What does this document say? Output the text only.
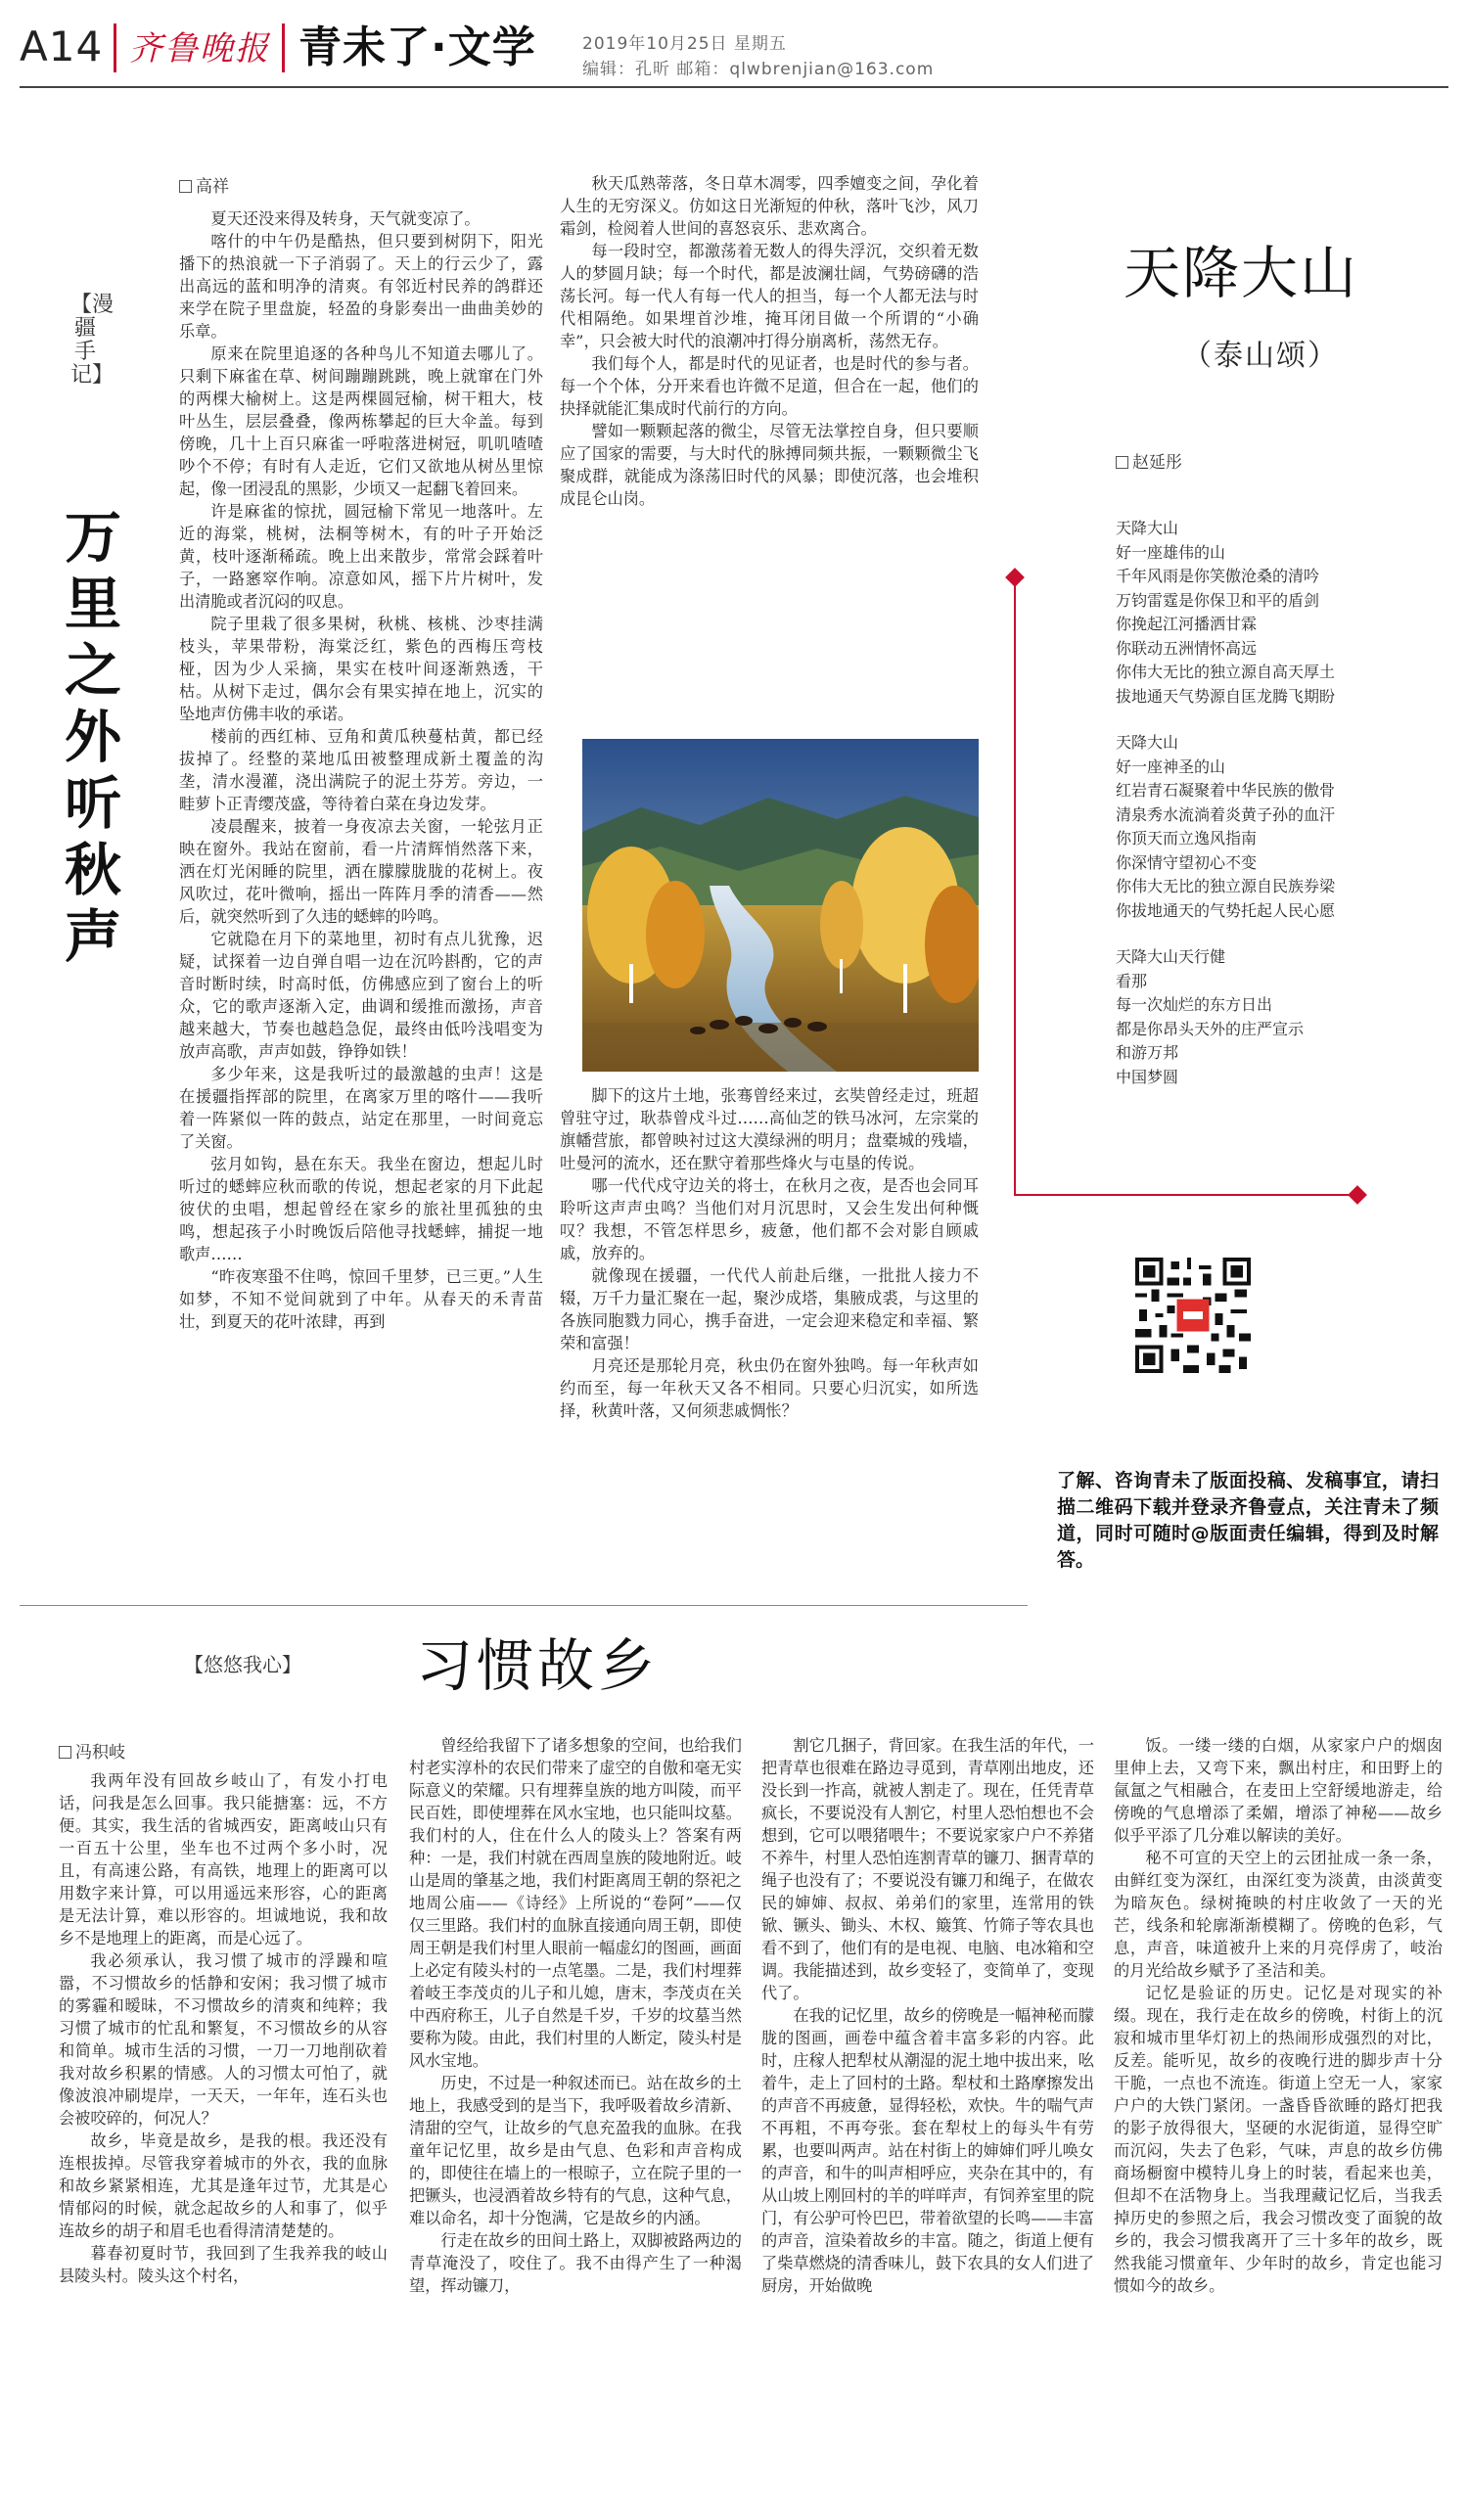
A14 齐鲁晚报 青未了·文学	2019年10月25日 星期五
编辑：孔昕 邮箱：qlwbrenjian@163.com
【漫疆手记】
万里之外听秋声
高祥

夏天还没来得及转身，天气就变凉了。

喀什的中午仍是酷热，但只要到树阴下，阳光播下的热浪就一下子消弱了。天上的行云少了，露出高远的蓝和明净的清爽。有邻近村民养的鸽群还来学在院子里盘旋，轻盈的身影奏出一曲曲美妙的乐章。

原来在院里追逐的各种鸟儿不知道去哪儿了。只剩下麻雀在草、树间蹦蹦跳跳，晚上就窜在门外的两棵大榆树上。这是两棵圆冠榆，树干粗大，枝叶丛生，层层叠叠，像两栋攀起的巨大伞盖。每到傍晚，几十上百只麻雀一呼啦落进树冠，叽叽喳喳吵个不停；有时有人走近，它们又欲地从树丛里惊起，像一团浸乱的黑影，少顷又一起翻飞着回来。

许是麻雀的惊扰，圆冠榆下常见一地落叶。左近的海棠，桃树，法桐等树木，有的叶子开始泛黄，枝叶逐渐稀疏。晚上出来散步，常常会踩着叶子，一路窸窣作响。凉意如风，摇下片片树叶，发出清脆或者沉闷的叹息。

院子里栽了很多果树，秋桃、核桃、沙枣挂满枝头，苹果带粉，海棠泛红，紫色的西梅压弯枝桠，因为少人采摘，果实在枝叶间逐渐熟透，干枯。从树下走过，偶尔会有果实掉在地上，沉实的坠地声仿佛丰收的承诺。

楼前的西红柿、豆角和黄瓜秧蔓枯黄，都已经拔掉了。经整的菜地瓜田被整理成新土覆盖的沟垄，清水漫灌，浇出满院子的泥土芬芳。旁边，一畦萝卜正青缨茂盛，等待着白菜在身边发芽。

凌晨醒来，披着一身夜凉去关窗，一轮弦月正映在窗外。我站在窗前，看一片清辉悄然落下来，洒在灯光闲睡的院里，洒在朦朦胧胧的花树上。夜风吹过，花叶微响，摇出一阵阵月季的清香——然后，就突然听到了久违的蟋蟀的吟鸣。

它就隐在月下的菜地里，初时有点儿犹豫，迟疑，试探着一边自弹自唱一边在沉吟斟酌，它的声音时断时续，时高时低，仿佛感应到了窗台上的听众，它的歌声逐渐入定，曲调和缓推而激扬，声音越来越大，节奏也越趋急促，最终由低吟浅唱变为放声高歌，声声如鼓，铮铮如铁！

多少年来，这是我听过的最激越的虫声！这是在援疆指挥部的院里，在离家万里的喀什——我听着一阵紧似一阵的鼓点，站定在那里，一时间竟忘了关窗。

弦月如钩，悬在东天。我坐在窗边，想起儿时听过的蟋蟀应秋而歌的传说，想起老家的月下此起彼伏的虫唱，想起曾经在家乡的旅社里孤独的虫鸣，想起孩子小时晚饭后陪他寻找蟋蟀，捕捉一地歌声……

“昨夜寒蛩不住鸣，惊回千里梦，已三更。”人生如梦，不知不觉间就到了中年。从春天的禾青苗壮，到夏天的花叶浓肆，再到

秋天瓜熟蒂落，冬日草木凋零，四季嬗变之间，孕化着人生的无穷深义。仿如这日光渐短的仲秋，落叶飞沙，风刀霜剑，检阅着人世间的喜怒哀乐、悲欢离合。

每一段时空，都激荡着无数人的得失浮沉，交织着无数人的梦圆月缺；每一个时代，都是波澜壮阔，气势磅礴的浩荡长河。每一代人有每一代人的担当，每一个人都无法与时代相隔绝。如果埋首沙堆，掩耳闭目做一个所谓的“小确幸”，只会被大时代的浪潮冲打得分崩离析，荡然无存。

我们每个人，都是时代的见证者，也是时代的参与者。每一个个体，分开来看也许微不足道，但合在一起，他们的抉择就能汇集成时代前行的方向。

譬如一颗颗起落的微尘，尽管无法掌控自身，但只要顺应了国家的需要，与大时代的脉搏同频共振，一颗颗微尘飞聚成群，就能成为涤荡旧时代的风暴；即使沉落，也会堆积成昆仑山岗。

脚下的这片土地，张骞曾经来过，玄奘曾经走过，班超曾驻守过，耿恭曾戍斗过……高仙芝的铁马冰河，左宗棠的旗幡营旅，都曾映衬过这大漠绿洲的明月；盘橐城的残墙，吐曼河的流水，还在默守着那些烽火与屯垦的传说。

哪一代代戍守边关的将士，在秋月之夜，是否也会同耳聆听这声声虫鸣？当他们对月沉思时，又会生发出何种慨叹？我想，不管怎样思乡，疲惫，他们都不会对影自顾戚戚，放弃的。

就像现在援疆，一代代人前赴后继，一批批人接力不辍，万千力量汇聚在一起，聚沙成塔，集腋成裘，与这里的各族同胞戮力同心，携手奋进，一定会迎来稳定和幸福、繁荣和富强！

月亮还是那轮月亮，秋虫仍在窗外独鸣。每一年秋声如约而至，每一年秋天又各不相同。只要心归沉实，如所选择，秋黄叶落，又何须悲戚惆怅？

天降大山
（泰山颂）
赵延彤
天降大山
好一座雄伟的山
千年风雨是你笑傲沧桑的清吟
万钧雷霆是你保卫和平的盾剑
你挽起江河播洒甘霖
你联动五洲情怀高远
你伟大无比的独立源自高天厚土
拔地通天气势源自匡龙腾飞期盼
天降大山
好一座神圣的山
红岩青石凝聚着中华民族的傲骨
清泉秀水流淌着炎黄子孙的血汗
你顶天而立逸风指南
你深情守望初心不变
你伟大无比的独立源自民族券梁
你拔地通天的气势托起人民心愿
天降大山天行健
看那
每一次灿烂的东方日出
都是你昂头天外的庄严宣示
和游万邦
中国梦圆
了解、咨询青未了版面投稿、发稿事宜，请扫描二维码下载并登录齐鲁壹点，关注青未了频道，同时可随时@版面责任编辑，得到及时解答。
【悠悠我心】 习惯故乡
冯积岐

我两年没有回故乡岐山了，有发小打电话，问我是怎么回事。我只能搪塞：远，不方便。其实，我生活的省城西安，距离岐山只有一百五十公里，坐车也不过两个多小时，况且，有高速公路，有高铁，地理上的距离可以用数字来计算，可以用遥远来形容，心的距离是无法计算，难以形容的。坦诚地说，我和故乡不是地理上的距离，而是心远了。

我必须承认，我习惯了城市的浮躁和喧嚣，不习惯故乡的恬静和安闲；我习惯了城市的雾霾和暧昧，不习惯故乡的清爽和纯粹；我习惯了城市的忙乱和繁复，不习惯故乡的从容和简单。城市生活的习惯，一刀一刀地削砍着我对故乡积累的情感。人的习惯太可怕了，就像波浪冲刷堤岸，一天天，一年年，连石头也会被咬碎的，何况人？

故乡，毕竟是故乡，是我的根。我还没有连根拔掉。尽管我穿着城市的外衣，我的血脉和故乡紧紧相连，尤其是逢年过节，尤其是心情郁闷的时候，就念起故乡的人和事了，似乎连故乡的胡子和眉毛也看得清清楚楚的。

暮春初夏时节，我回到了生我养我的岐山县陵头村。陵头这个村名，

曾经给我留下了诸多想象的空间，也给我们村老实淳朴的农民们带来了虚空的自傲和毫无实际意义的荣耀。只有埋葬皇族的地方叫陵，而平民百姓，即使埋葬在风水宝地，也只能叫坟墓。我们村的人，住在什么人的陵头上？答案有两种：一是，我们村就在西周皇族的陵地附近。岐山是周的肇基之地，我们村距离周王朝的祭祀之地周公庙——《诗经》上所说的“卷阿”——仅仅三里路。我们村的血脉直接通向周王朝，即使周王朝是我们村里人眼前一幅虚幻的图画，画面上必定有陵头村的一点笔墨。二是，我们村埋葬着岐王李茂贞的儿子和儿媳，唐末，李茂贞在关中西府称王，儿子自然是千岁，千岁的坟墓当然要称为陵。由此，我们村里的人断定，陵头村是风水宝地。

历史，不过是一种叙述而已。站在故乡的土地上，我感受到的是当下，我呼吸着故乡清新、清甜的空气，让故乡的气息充盈我的血脉。在我童年记忆里，故乡是由气息、色彩和声音构成的，即使往在墙上的一根晾子，立在院子里的一把镢头，也浸酒着故乡特有的气息，这种气息，难以命名，却十分饱满，它是故乡的内涵。

行走在故乡的田间土路上，双脚被路两边的青草淹没了，咬住了。我不由得产生了一种渴望，挥动镰刀，

割它几捆子，背回家。在我生活的年代，一把青草也很难在路边寻觅到，青草刚出地皮，还没长到一拃高，就被人割走了。现在，任凭青草疯长，不要说没有人割它，村里人恐怕想也不会想到，它可以喂猪喂牛；不要说家家户户不养猪不养牛，村里人恐怕连割青草的镰刀、捆青草的绳子也没有了；不要说没有镰刀和绳子，在做农民的婶婶、叔叔、弟弟们的家里，连常用的铁锨、镢头、锄头、木权、簸箕、竹筛子等农具也看不到了，他们有的是电视、电脑、电冰箱和空调。我能描述到，故乡变轻了，变简单了，变现代了。

在我的记忆里，故乡的傍晚是一幅神秘而朦胧的图画，画卷中蕴含着丰富多彩的内容。此时，庄稼人把犁杖从潮湿的泥土地中拔出来，吆着牛，走上了回村的土路。犁杖和土路摩擦发出的声音不再疲惫，显得轻松，欢快。牛的喘气声不再粗，不再夸张。套在犁杖上的每头牛有劳累，也要叫两声。站在村街上的婶婶们呼儿唤女的声音，和牛的叫声相呼应，夹杂在其中的，有从山坡上刚回村的羊的咩咩声，有饲养室里的院门，有公驴可怜巴巴，带着欲望的长鸣——丰富的声音，渲染着故乡的丰富。随之，街道上便有了柴草燃烧的清香味儿，鼓下农具的女人们进了厨房，开始做晚

饭。一缕一缕的白烟，从家家户户的烟囱里伸上去，又弯下来，飘出村庄，和田野上的氤氲之气相融合，在麦田上空舒缓地游走，给傍晚的气息增添了柔媚，增添了神秘——故乡似乎平添了几分难以解读的美好。

秘不可宣的天空上的云团扯成一条一条，由鲜红变为深红，由深红变为淡黄，由淡黄变为暗灰色。绿树掩映的村庄收敛了一天的光芒，线条和轮廓渐渐模糊了。傍晚的色彩，气息，声音，味道被升上来的月亮俘虏了，岐治的月光给故乡赋予了圣洁和美。

记忆是验证的历史。记忆是对现实的补缀。现在，我行走在故乡的傍晚，村街上的沉寂和城市里华灯初上的热闹形成强烈的对比，反差。能听见，故乡的夜晚行进的脚步声十分干脆，一点也不流连。街道上空无一人，家家户户的大铁门紧闭。一盏昏昏欲睡的路灯把我的影子放得很大，坚硬的水泥街道，显得空旷而沉闷，失去了色彩，气味，声息的故乡仿佛商场橱窗中模特儿身上的时装，看起来也美，但却不在活物身上。当我理藏记忆后，当我丢掉历史的参照之后，我会习惯改变了面貌的故乡的，我会习惯我离开了三十多年的故乡，既然我能习惯童年、少年时的故乡，肯定也能习惯如今的故乡。
